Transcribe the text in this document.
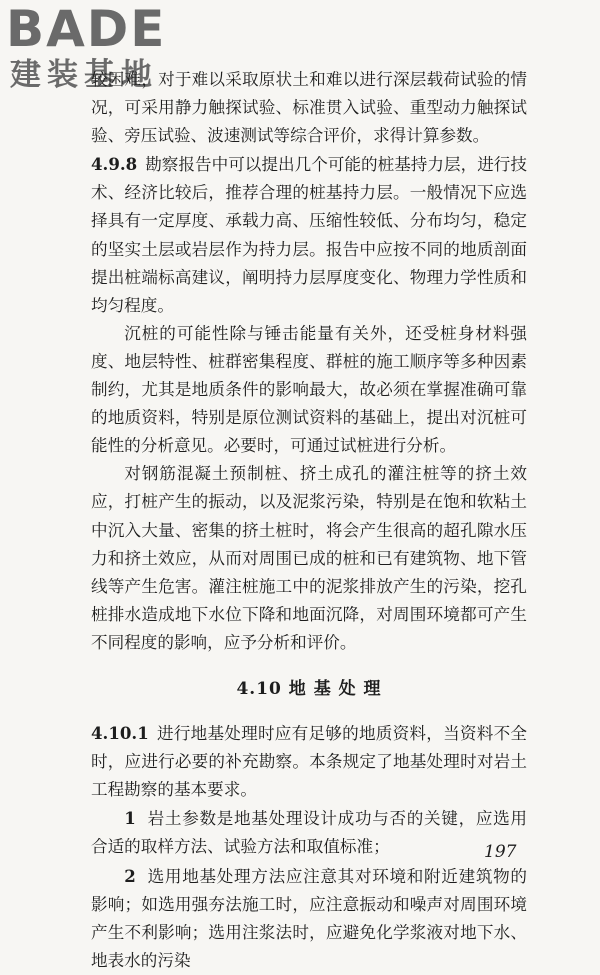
BADE
建装基地

较困难，对于难以采取原状土和难以进行深层载荷试验的情况，可采用静力触探试验、标准贯入试验、重型动力触探试验、旁压试验、波速测试等综合评价，求得计算参数。

4.9.8 勘察报告中可以提出几个可能的桩基持力层，进行技术、经济比较后，推荐合理的桩基持力层。一般情况下应选择具有一定厚度、承载力高、压缩性较低、分布均匀，稳定的坚实土层或岩层作为持力层。报告中应按不同的地质剖面提出桩端标高建议，阐明持力层厚度变化、物理力学性质和均匀程度。

沉桩的可能性除与锤击能量有关外，还受桩身材料强度、地层特性、桩群密集程度、群桩的施工顺序等多种因素制约，尤其是地质条件的影响最大，故必须在掌握准确可靠的地质资料，特别是原位测试资料的基础上，提出对沉桩可能性的分析意见。必要时，可通过试桩进行分析。

对钢筋混凝土预制桩、挤土成孔的灌注桩等的挤土效应，打桩产生的振动，以及泥浆污染，特别是在饱和软粘土中沉入大量、密集的挤土桩时，将会产生很高的超孔隙水压力和挤土效应，从而对周围已成的桩和已有建筑物、地下管线等产生危害。灌注桩施工中的泥浆排放产生的污染，挖孔桩排水造成地下水位下降和地面沉降，对周围环境都可产生不同程度的影响，应予分析和评价。

4.10 地 基 处 理

4.10.1 进行地基处理时应有足够的地质资料，当资料不全时，应进行必要的补充勘察。本条规定了地基处理时对岩土工程勘察的基本要求。

1 岩土参数是地基处理设计成功与否的关键，应选用合适的取样方法、试验方法和取值标准；

2 选用地基处理方法应注意其对环境和附近建筑物的影响；如选用强夯法施工时，应注意振动和噪声对周围环境产生不利影响；选用注浆法时，应避免化学浆液对地下水、地表水的污染

197
